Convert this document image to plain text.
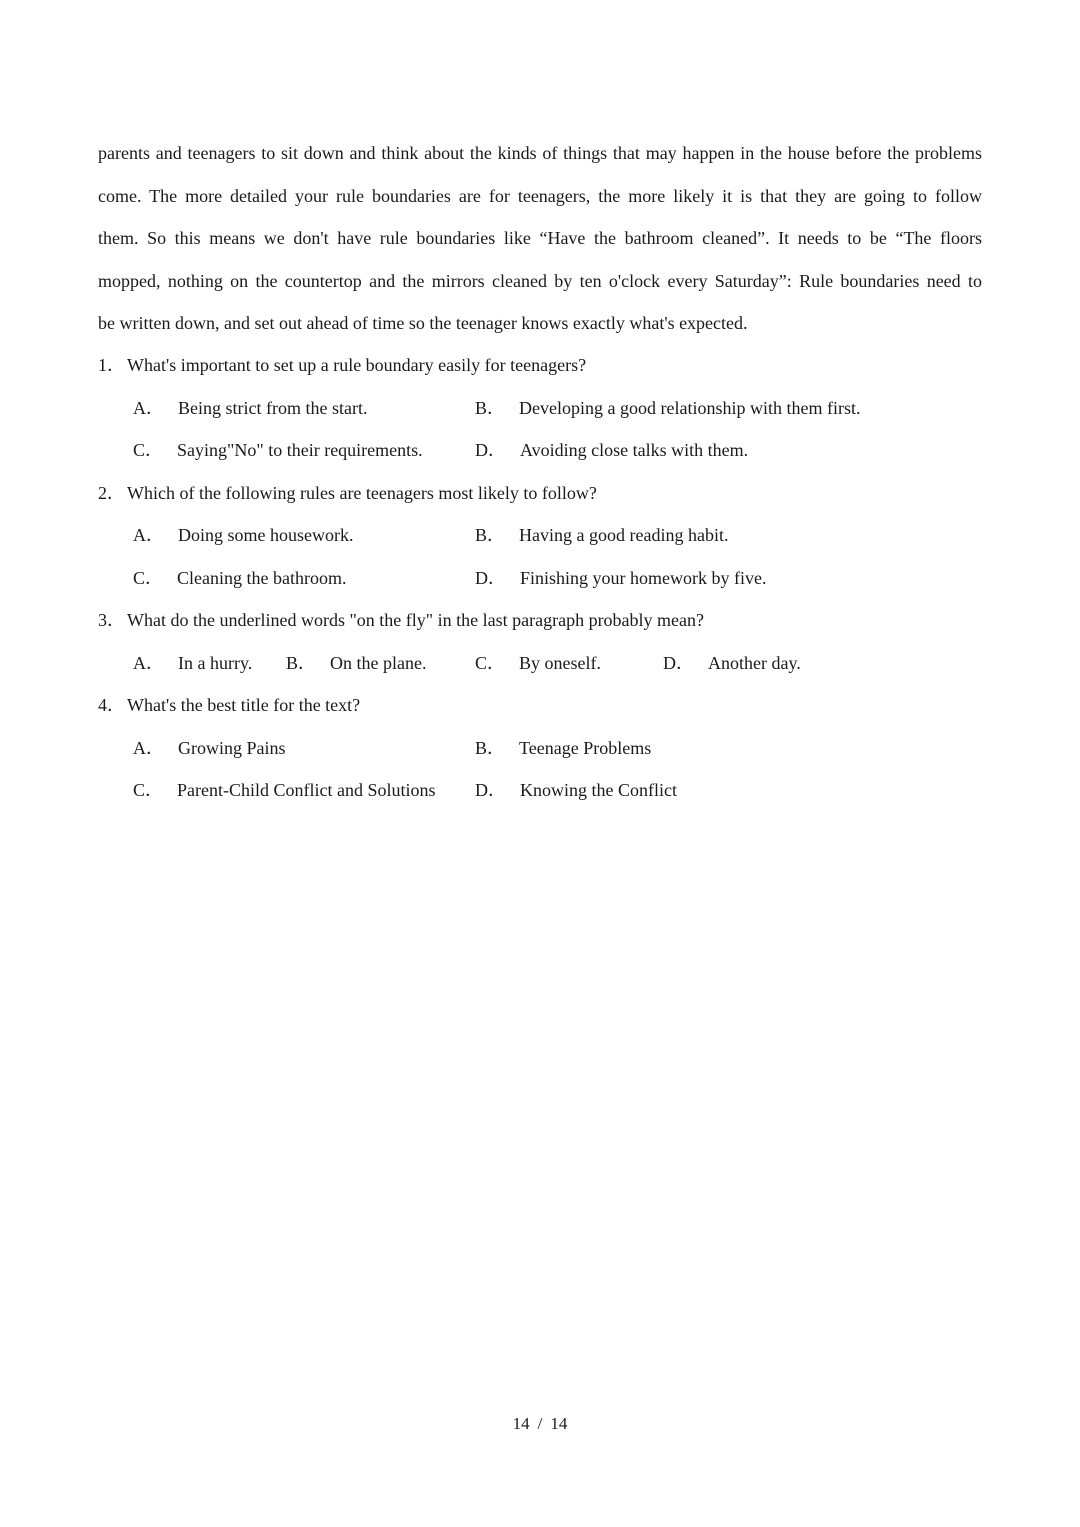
parents and teenagers to sit down and think about the kinds of things that may happen in the house before the problems
come. The more detailed your rule boundaries are for teenagers, the more likely it is that they are going to follow
them. So this means we don't have rule boundaries like “Have the bathroom cleaned”. It needs to be “The floors
mopped, nothing on the countertop and the mirrors cleaned by ten o'clock every Saturday”: Rule boundaries need to
be written down, and set out ahead of time so the teenager knows exactly what's expected.
1． What's important to set up a rule boundary easily for teenagers?
A． Being strict from the start.	B． Developing a good relationship with them first.
C． Saying"No" to their requirements.	D． Avoiding close talks with them.
2． Which of the following rules are teenagers most likely to follow?
A． Doing some housework.	B． Having a good reading habit.
C． Cleaning the bathroom.	D． Finishing your homework by five.
3． What do the underlined words "on the fly" in the last paragraph probably mean?
A． In a hurry. B． On the plane.	C． By oneself.	D． Another day.
4． What's the best title for the text?
A． Growing Pains	B． Teenage Problems
C． Parent-Child Conflict and Solutions D． Knowing the Conflict
14 / 14
